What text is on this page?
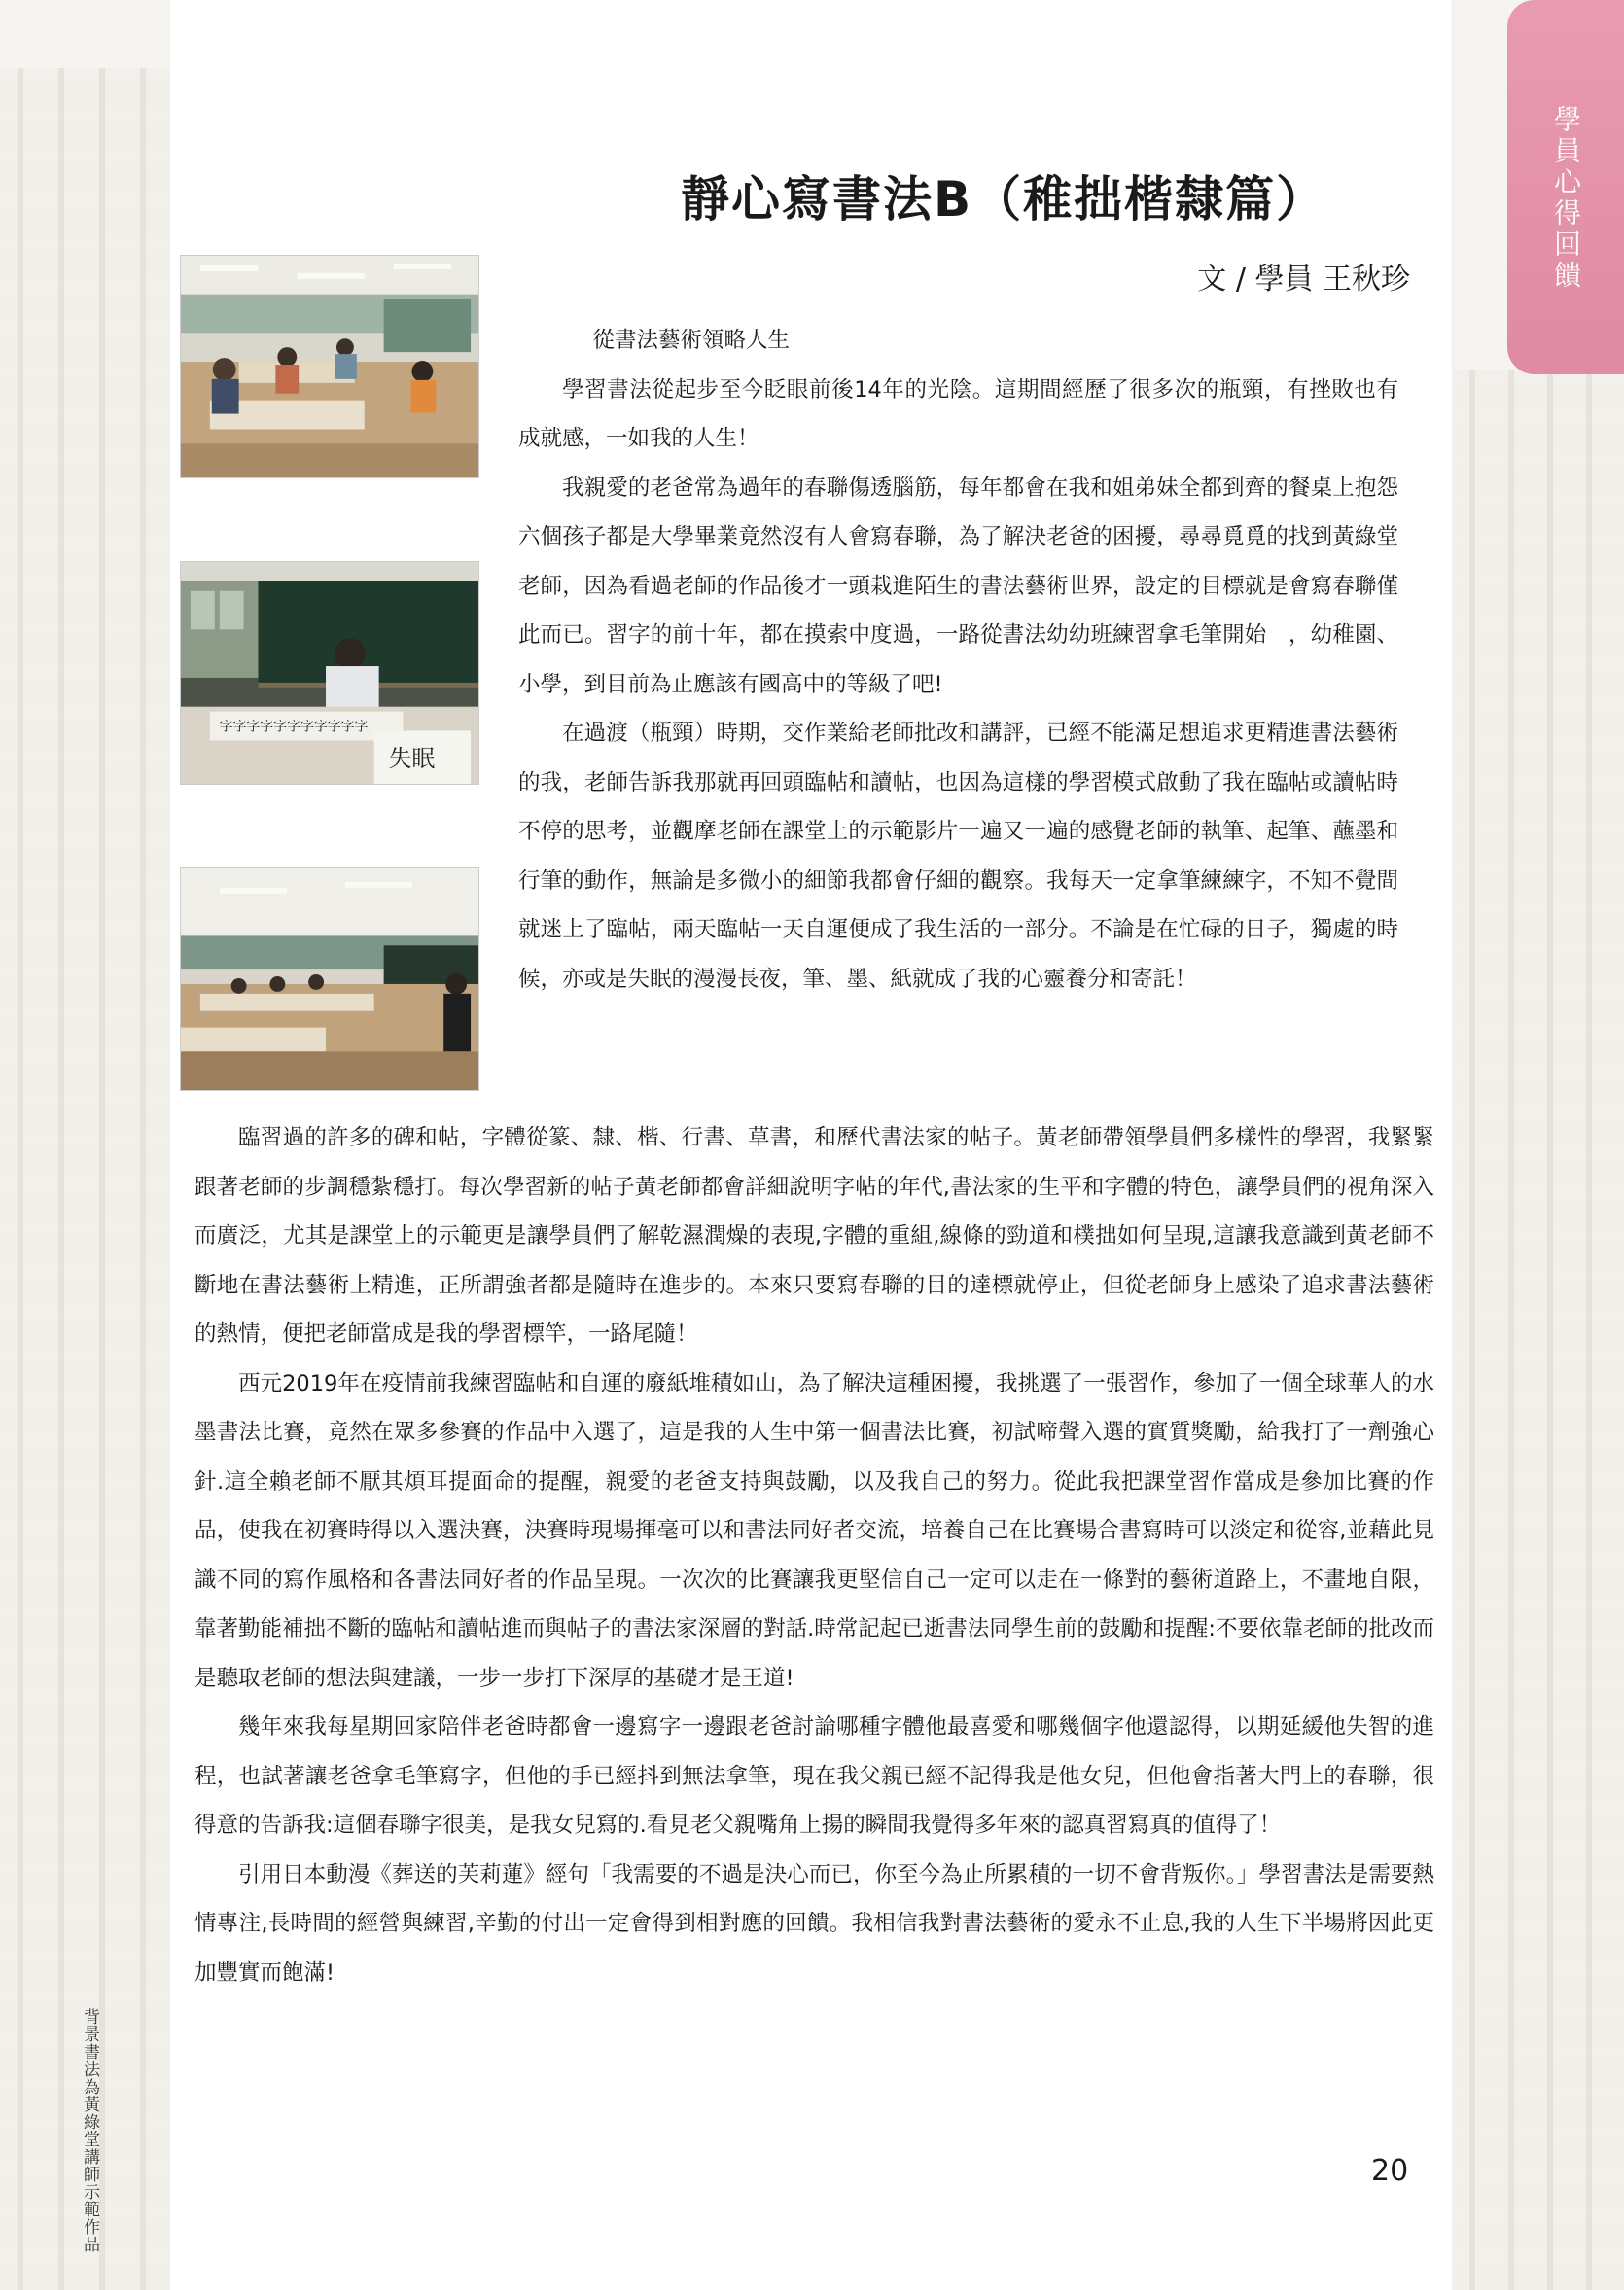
學員心得回饋
背景書法為黃綠堂講師示範作品
靜心寫書法B（稚拙楷隸篇）
文 / 學員 王秋珍
字字字字字字字字字字字
失眠

從書法藝術領略人生

學習書法從起步至今眨眼前後14年的光陰。這期間經歷了很多次的瓶頸，有挫敗也有成就感，一如我的人生！

我親愛的老爸常為過年的春聯傷透腦筋，每年都會在我和姐弟妹全都到齊的餐桌上抱怨六個孩子都是大學畢業竟然沒有人會寫春聯，為了解決老爸的困擾，尋尋覓覓的找到黃綠堂老師，因為看過老師的作品後才一頭栽進陌生的書法藝術世界，設定的目標就是會寫春聯僅此而已。習字的前十年，都在摸索中度過，一路從書法幼幼班練習拿毛筆開始　，幼稚園、小學，到目前為止應該有國高中的等級了吧!

在過渡（瓶頸）時期，交作業給老師批改和講評，已經不能滿足想追求更精進書法藝術的我，老師告訴我那就再回頭臨帖和讀帖，也因為這樣的學習模式啟動了我在臨帖或讀帖時不停的思考，並觀摩老師在課堂上的示範影片一遍又一遍的感覺老師的執筆、起筆、蘸墨和行筆的動作，無論是多微小的細節我都會仔細的觀察。我每天一定拿筆練練字，不知不覺間就迷上了臨帖，兩天臨帖一天自運便成了我生活的一部分。不論是在忙碌的日子，獨處的時候，亦或是失眠的漫漫長夜，筆、墨、紙就成了我的心靈養分和寄託！

臨習過的許多的碑和帖，字體從篆、隸、楷、行書、草書，和歷代書法家的帖子。黃老師帶領學員們多樣性的學習，我緊緊跟著老師的步調穩紮穩打。每次學習新的帖子黃老師都會詳細說明字帖的年代,書法家的生平和字體的特色，讓學員們的視角深入而廣泛，尤其是課堂上的示範更是讓學員們了解乾濕潤燥的表現,字體的重組,線條的勁道和樸拙如何呈現,這讓我意識到黃老師不斷地在書法藝術上精進，正所謂強者都是隨時在進步的。本來只要寫春聯的目的達標就停止，但從老師身上感染了追求書法藝術的熱情，便把老師當成是我的學習標竿，一路尾隨！

西元2019年在疫情前我練習臨帖和自運的廢紙堆積如山，為了解決這種困擾，我挑選了一張習作，參加了一個全球華人的水墨書法比賽，竟然在眾多參賽的作品中入選了，這是我的人生中第一個書法比賽，初試啼聲入選的實質獎勵，給我打了一劑強心針.這全賴老師不厭其煩耳提面命的提醒，親愛的老爸支持與鼓勵，以及我自己的努力。從此我把課堂習作當成是參加比賽的作品，使我在初賽時得以入選決賽，決賽時現場揮毫可以和書法同好者交流，培養自己在比賽場合書寫時可以淡定和從容,並藉此見識不同的寫作風格和各書法同好者的作品呈現。一次次的比賽讓我更堅信自己一定可以走在一條對的藝術道路上，不畫地自限，靠著勤能補拙不斷的臨帖和讀帖進而與帖子的書法家深層的對話.時常記起已逝書法同學生前的鼓勵和提醒:不要依靠老師的批改而是聽取老師的想法與建議，一步一步打下深厚的基礎才是王道!

幾年來我每星期回家陪伴老爸時都會一邊寫字一邊跟老爸討論哪種字體他最喜愛和哪幾個字他還認得，以期延緩他失智的進程，也試著讓老爸拿毛筆寫字，但他的手已經抖到無法拿筆，現在我父親已經不記得我是他女兒，但他會指著大門上的春聯，很得意的告訴我:這個春聯字很美，是我女兒寫的.看見老父親嘴角上揚的瞬間我覺得多年來的認真習寫真的值得了！

引用日本動漫《葬送的芙莉蓮》經句「我需要的不過是決心而已，你至今為止所累積的一切不會背叛你。」學習書法是需要熱情專注,長時間的經營與練習,辛勤的付出一定會得到相對應的回饋。我相信我對書法藝術的愛永不止息,我的人生下半場將因此更加豐實而飽滿!

20
